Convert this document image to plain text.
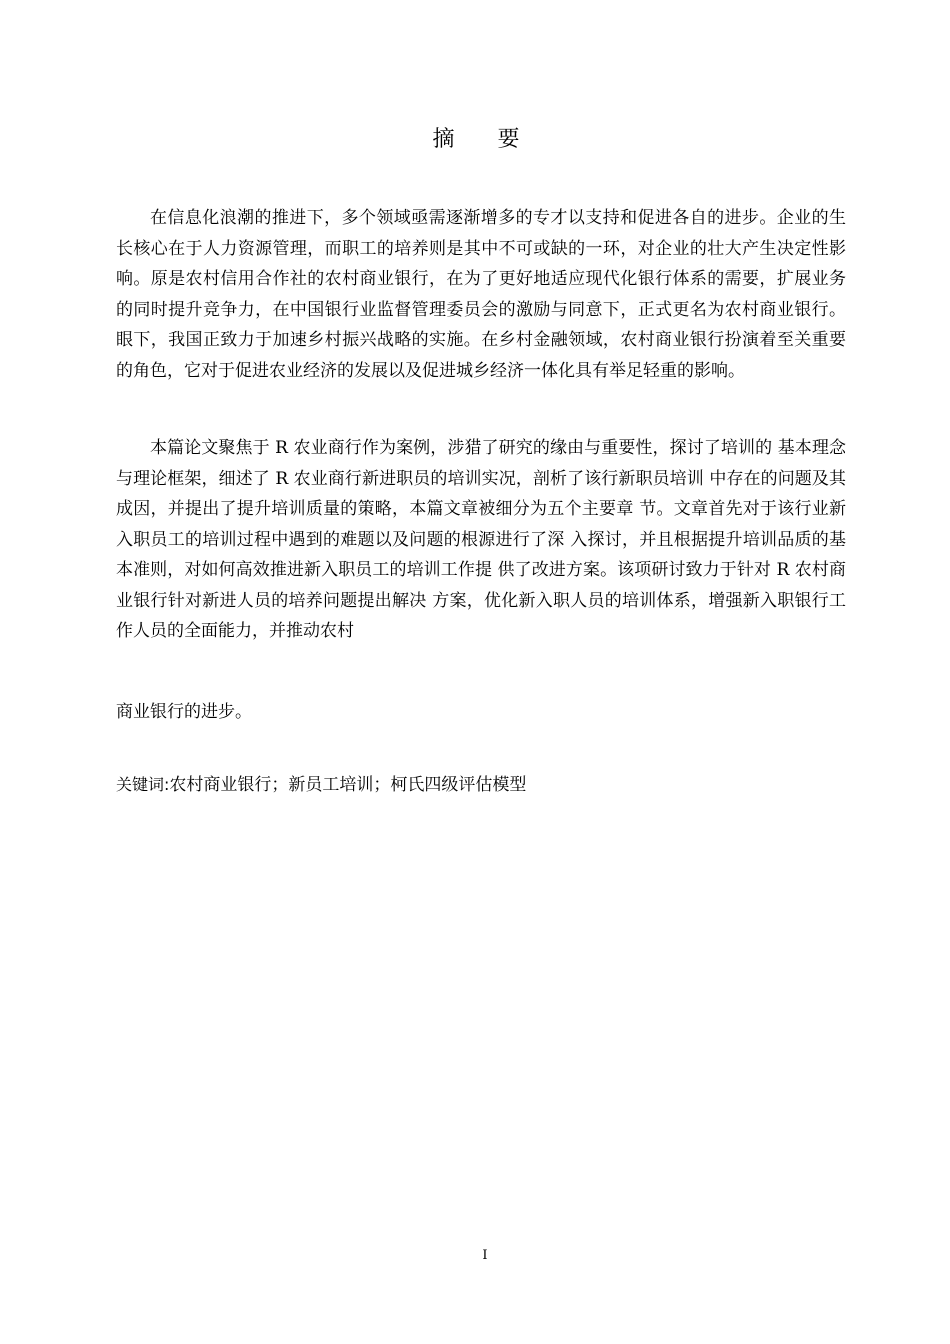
摘 要

在信息化浪潮的推进下，多个领域亟需逐渐增多的专才以支持和促进各自的进步。企业的生长核心在于人力资源管理，而职工的培养则是其中不可或缺的一环，对企业的壮大产生决定性影响。原是农村信用合作社的农村商业银行，在为了更好地适应现代化银行体系的需要，扩展业务的同时提升竞争力，在中国银行业监督管理委员会的激励与同意下，正式更名为农村商业银行。眼下，我国正致力于加速乡村振兴战略的实施。在乡村金融领域，农村商业银行扮演着至关重要的角色，它对于促进农业经济的发展以及促进城乡经济一体化具有举足轻重的影响。

本篇论文聚焦于 R 农业商行作为案例，涉猎了研究的缘由与重要性，探讨了培训的 基本理念与理论框架，细述了 R 农业商行新进职员的培训实况，剖析了该行新职员培训 中存在的问题及其成因，并提出了提升培训质量的策略，本篇文章被细分为五个主要章 节。文章首先对于该行业新入职员工的培训过程中遇到的难题以及问题的根源进行了深 入探讨，并且根据提升培训品质的基本准则，对如何高效推进新入职员工的培训工作提 供了改进方案。该项研讨致力于针对 R 农村商业银行针对新进人员的培养问题提出解决 方案，优化新入职人员的培训体系，增强新入职银行工作人员的全面能力，并推动农村

商业银行的进步。
关键词:农村商业银行；新员工培训；柯氏四级评估模型
I
